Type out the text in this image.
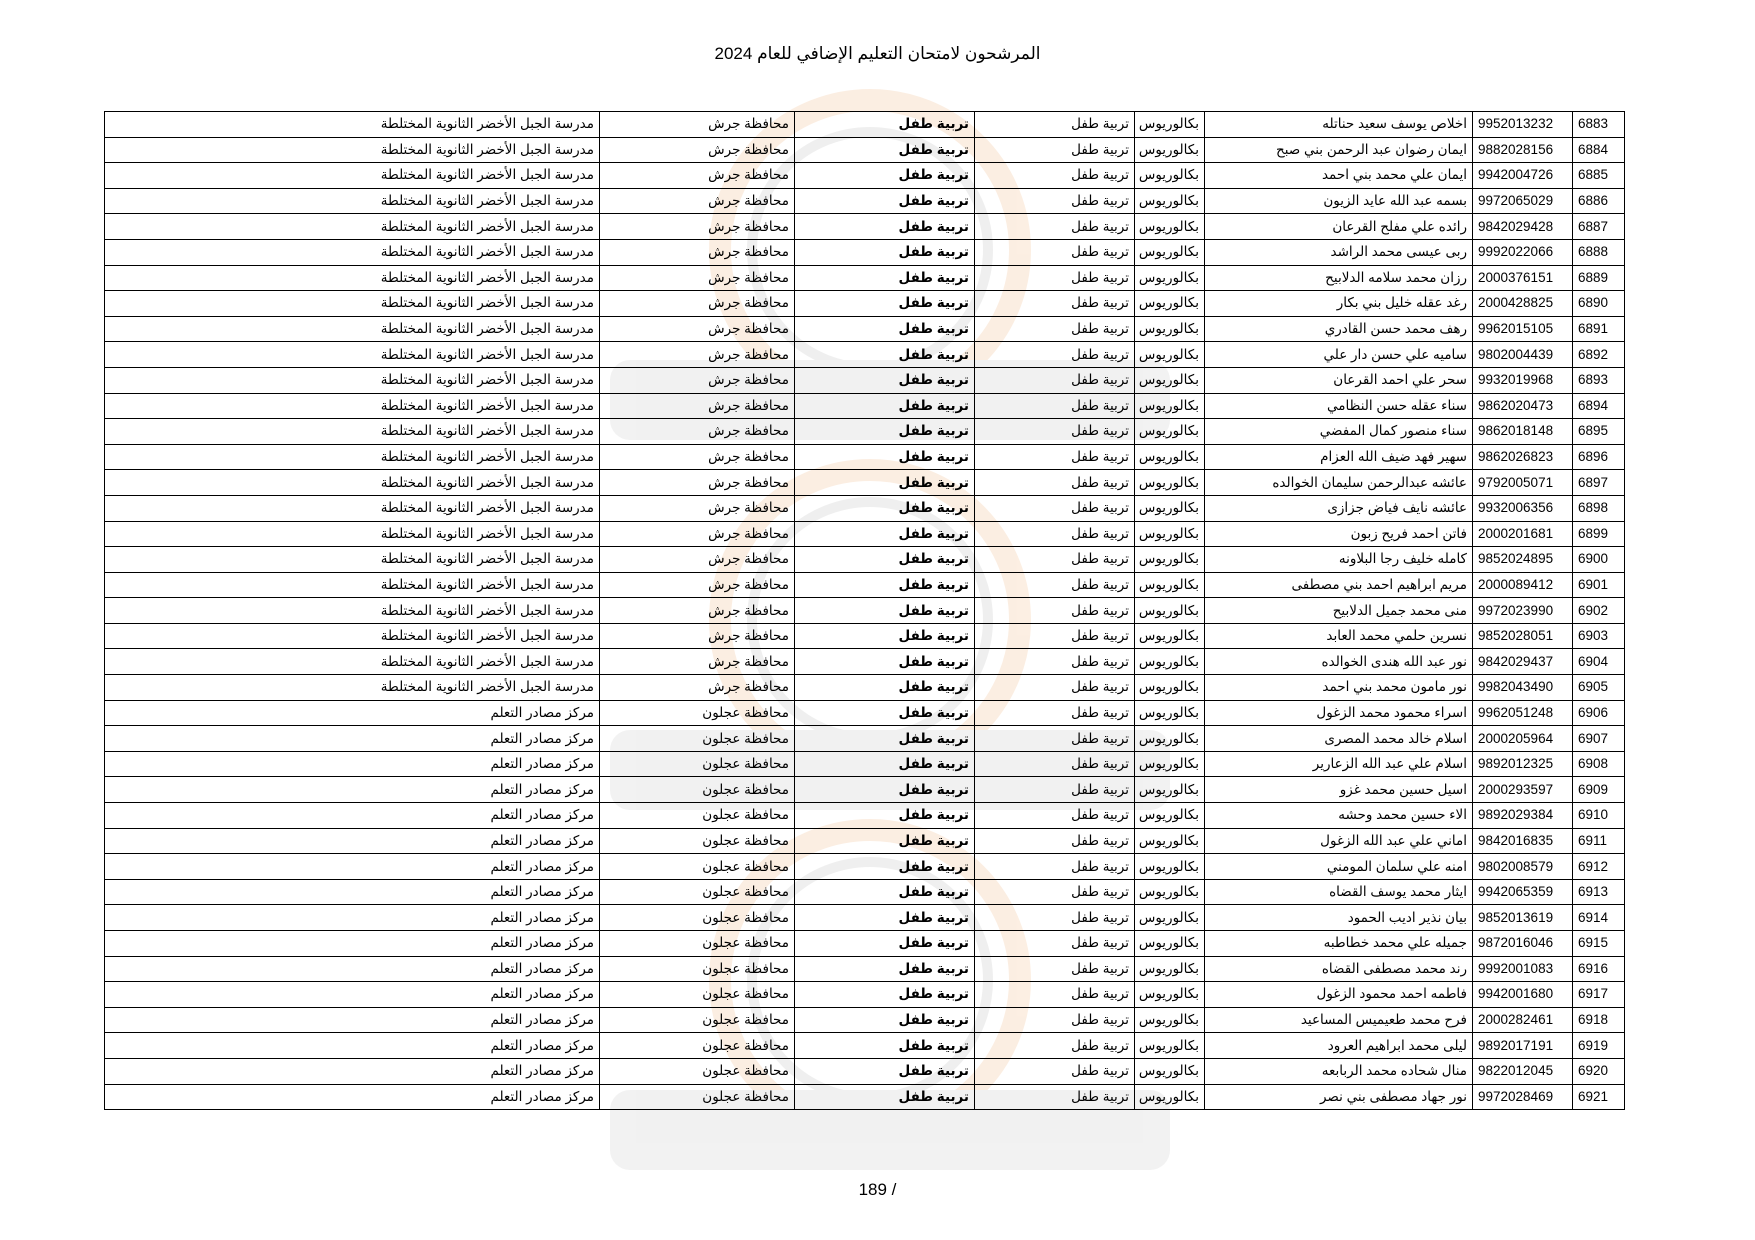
المرشحون لامتحان التعليم الإضافي للعام 2024
6883	9952013232	اخلاص يوسف سعيد حناتله	بكالوريوس	تربية طفل	تربية طفل	محافظة جرش	مدرسة الجبل الأخضر الثانوية المختلطة
6884	9882028156	ايمان رضوان عبد الرحمن بني صبح	بكالوريوس	تربية طفل	تربية طفل	محافظة جرش	مدرسة الجبل الأخضر الثانوية المختلطة
6885	9942004726	ايمان علي محمد بني احمد	بكالوريوس	تربية طفل	تربية طفل	محافظة جرش	مدرسة الجبل الأخضر الثانوية المختلطة
6886	9972065029	بسمه عبد الله عايد الزيون	بكالوريوس	تربية طفل	تربية طفل	محافظة جرش	مدرسة الجبل الأخضر الثانوية المختلطة
6887	9842029428	رائده علي مفلح القرعان	بكالوريوس	تربية طفل	تربية طفل	محافظة جرش	مدرسة الجبل الأخضر الثانوية المختلطة
6888	9992022066	ربى عيسى محمد الراشد	بكالوريوس	تربية طفل	تربية طفل	محافظة جرش	مدرسة الجبل الأخضر الثانوية المختلطة
6889	2000376151	رزان محمد سلامه الدلابيح	بكالوريوس	تربية طفل	تربية طفل	محافظة جرش	مدرسة الجبل الأخضر الثانوية المختلطة
6890	2000428825	رغد عقله خليل بني بكار	بكالوريوس	تربية طفل	تربية طفل	محافظة جرش	مدرسة الجبل الأخضر الثانوية المختلطة
6891	9962015105	رهف محمد حسن القادري	بكالوريوس	تربية طفل	تربية طفل	محافظة جرش	مدرسة الجبل الأخضر الثانوية المختلطة
6892	9802004439	ساميه علي حسن دار علي	بكالوريوس	تربية طفل	تربية طفل	محافظة جرش	مدرسة الجبل الأخضر الثانوية المختلطة
6893	9932019968	سحر علي احمد القرعان	بكالوريوس	تربية طفل	تربية طفل	محافظة جرش	مدرسة الجبل الأخضر الثانوية المختلطة
6894	9862020473	سناء عقله حسن النظامي	بكالوريوس	تربية طفل	تربية طفل	محافظة جرش	مدرسة الجبل الأخضر الثانوية المختلطة
6895	9862018148	سناء منصور كمال المفضي	بكالوريوس	تربية طفل	تربية طفل	محافظة جرش	مدرسة الجبل الأخضر الثانوية المختلطة
6896	9862026823	سهير فهد ضيف الله العزام	بكالوريوس	تربية طفل	تربية طفل	محافظة جرش	مدرسة الجبل الأخضر الثانوية المختلطة
6897	9792005071	عائشه عبدالرحمن سليمان الخوالده	بكالوريوس	تربية طفل	تربية طفل	محافظة جرش	مدرسة الجبل الأخضر الثانوية المختلطة
6898	9932006356	عائشه نايف فياض جزازى	بكالوريوس	تربية طفل	تربية طفل	محافظة جرش	مدرسة الجبل الأخضر الثانوية المختلطة
6899	2000201681	فاتن احمد فريح زبون	بكالوريوس	تربية طفل	تربية طفل	محافظة جرش	مدرسة الجبل الأخضر الثانوية المختلطة
6900	9852024895	كامله خليف رجا البلاونه	بكالوريوس	تربية طفل	تربية طفل	محافظة جرش	مدرسة الجبل الأخضر الثانوية المختلطة
6901	2000089412	مريم ابراهيم احمد بني مصطفى	بكالوريوس	تربية طفل	تربية طفل	محافظة جرش	مدرسة الجبل الأخضر الثانوية المختلطة
6902	9972023990	منى محمد جميل الدلابيح	بكالوريوس	تربية طفل	تربية طفل	محافظة جرش	مدرسة الجبل الأخضر الثانوية المختلطة
6903	9852028051	نسرين حلمي محمد العابد	بكالوريوس	تربية طفل	تربية طفل	محافظة جرش	مدرسة الجبل الأخضر الثانوية المختلطة
6904	9842029437	نور عبد الله هندى الخوالده	بكالوريوس	تربية طفل	تربية طفل	محافظة جرش	مدرسة الجبل الأخضر الثانوية المختلطة
6905	9982043490	نور مامون محمد بني احمد	بكالوريوس	تربية طفل	تربية طفل	محافظة جرش	مدرسة الجبل الأخضر الثانوية المختلطة
6906	9962051248	اسراء محمود محمد الزغول	بكالوريوس	تربية طفل	تربية طفل	محافظة عجلون	مركز مصادر التعلم
6907	2000205964	اسلام خالد محمد المصرى	بكالوريوس	تربية طفل	تربية طفل	محافظة عجلون	مركز مصادر التعلم
6908	9892012325	اسلام علي عبد الله الزعارير	بكالوريوس	تربية طفل	تربية طفل	محافظة عجلون	مركز مصادر التعلم
6909	2000293597	اسيل حسين محمد غزو	بكالوريوس	تربية طفل	تربية طفل	محافظة عجلون	مركز مصادر التعلم
6910	9892029384	الاء حسين محمد وحشه	بكالوريوس	تربية طفل	تربية طفل	محافظة عجلون	مركز مصادر التعلم
6911	9842016835	اماني علي عبد الله الزغول	بكالوريوس	تربية طفل	تربية طفل	محافظة عجلون	مركز مصادر التعلم
6912	9802008579	امنه علي سلمان المومني	بكالوريوس	تربية طفل	تربية طفل	محافظة عجلون	مركز مصادر التعلم
6913	9942065359	ايثار محمد يوسف القضاه	بكالوريوس	تربية طفل	تربية طفل	محافظة عجلون	مركز مصادر التعلم
6914	9852013619	بيان نذير اديب الحمود	بكالوريوس	تربية طفل	تربية طفل	محافظة عجلون	مركز مصادر التعلم
6915	9872016046	جميله علي محمد خطاطبه	بكالوريوس	تربية طفل	تربية طفل	محافظة عجلون	مركز مصادر التعلم
6916	9992001083	رند محمد مصطفى القضاه	بكالوريوس	تربية طفل	تربية طفل	محافظة عجلون	مركز مصادر التعلم
6917	9942001680	فاطمه احمد محمود الزغول	بكالوريوس	تربية طفل	تربية طفل	محافظة عجلون	مركز مصادر التعلم
6918	2000282461	فرح محمد طعيميس المساعيد	بكالوريوس	تربية طفل	تربية طفل	محافظة عجلون	مركز مصادر التعلم
6919	9892017191	ليلى محمد ابراهيم العرود	بكالوريوس	تربية طفل	تربية طفل	محافظة عجلون	مركز مصادر التعلم
6920	9822012045	منال شحاده محمد الربابعه	بكالوريوس	تربية طفل	تربية طفل	محافظة عجلون	مركز مصادر التعلم
6921	9972028469	نور جهاد مصطفى بني نصر	بكالوريوس	تربية طفل	تربية طفل	محافظة عجلون	مركز مصادر التعلم
189 /
